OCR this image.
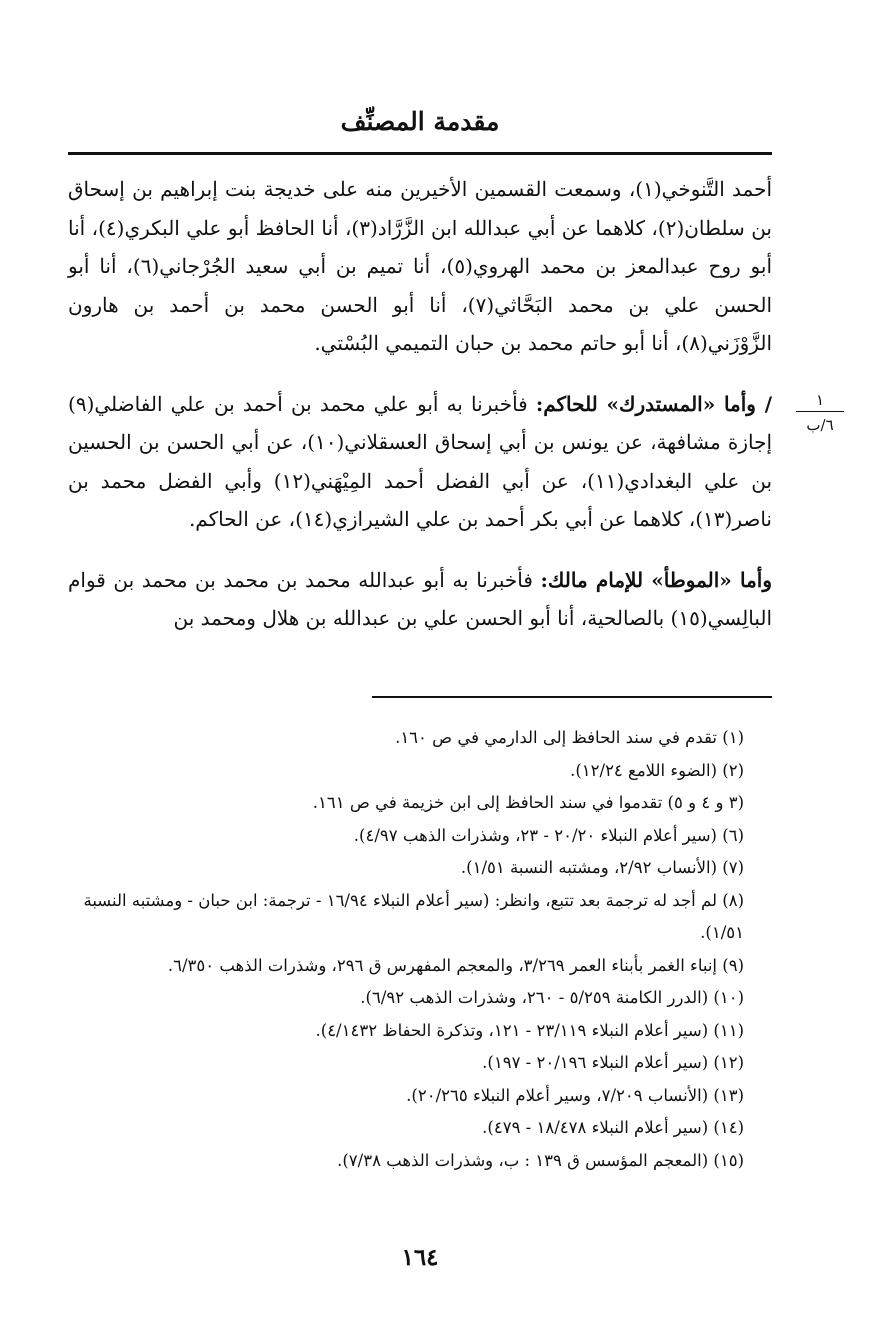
مقدمة المصنِّف
١
٦/ب

أحمد التَّنوخي(١)، وسمعت القسمين الأخيرين منه على خديجة بنت إبراهيم بن إسحاق بن سلطان(٢)، كلاهما عن أبي عبدالله ابن الزَّرَّاد(٣)، أنا الحافظ أبو علي البكري(٤)، أنا أبو روح عبدالمعز بن محمد الهروي(٥)، أنا تميم بن أبي سعيد الجُرْجاني(٦)، أنا أبو الحسن علي بن محمد البَحَّاثي(٧)، أنا أبو الحسن محمد بن أحمد بن هارون الزَّوْزَني(٨)، أنا أبو حاتم محمد بن حبان التميمي البُسْتي.

/ وأما «المستدرك» للحاكم: فأخبرنا به أبو علي محمد بن أحمد بن علي الفاضلي(٩) إجازة مشافهة، عن يونس بن أبي إسحاق العسقلاني(١٠)، عن أبي الحسن بن الحسين بن علي البغدادي(١١)، عن أبي الفضل أحمد المِيْهَني(١٢) وأبي الفضل محمد بن ناصر(١٣)، كلاهما عن أبي بكر أحمد بن علي الشيرازي(١٤)، عن الحاكم.

وأما «الموطأ» للإمام مالك: فأخبرنا به أبو عبدالله محمد بن محمد بن محمد بن قوام البالِسي(١٥) بالصالحية، أنا أبو الحسن علي بن عبدالله بن هلال ومحمد بن

(١) تقدم في سند الحافظ إلى الدارمي في ص ١٦٠.

(٢) (الضوء اللامع ١٢/٢٤).

(٣ و ٤ و ٥) تقدموا في سند الحافظ إلى ابن خزيمة في ص ١٦١.

(٦) (سير أعلام النبلاء ٢٠/٢٠ - ٢٣، وشذرات الذهب ٤/٩٧).

(٧) (الأنساب ٢/٩٢، ومشتبه النسبة ١/٥١).

(٨) لم أجد له ترجمة بعد تتبع، وانظر: (سير أعلام النبلاء ١٦/٩٤ - ترجمة: ابن حبان - ومشتبه النسبة ١/٥١).

(٩) إنباء الغمر بأبناء العمر ٣/٢٦٩، والمعجم المفهرس ق ٢٩٦، وشذرات الذهب ٦/٣٥٠.

(١٠) (الدرر الكامنة ٥/٢٥٩ - ٢٦٠، وشذرات الذهب ٦/٩٢).

(١١) (سير أعلام النبلاء ٢٣/١١٩ - ١٢١، وتذكرة الحفاظ ٤/١٤٣٢).

(١٢) (سير أعلام النبلاء ٢٠/١٩٦ - ١٩٧).

(١٣) (الأنساب ٧/٢٠٩، وسير أعلام النبلاء ٢٠/٢٦٥).

(١٤) (سير أعلام النبلاء ١٨/٤٧٨ - ٤٧٩).

(١٥) (المعجم المؤسس ق ١٣٩ : ب، وشذرات الذهب ٧/٣٨).

١٦٤
